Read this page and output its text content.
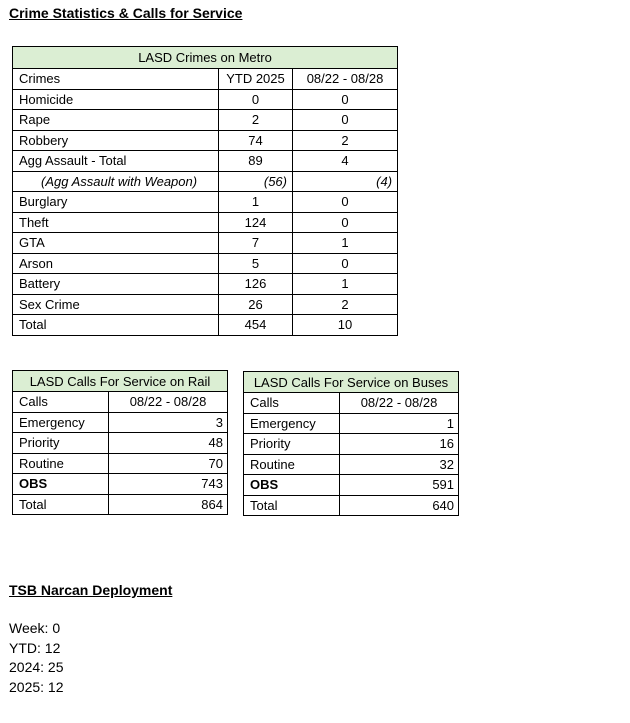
Crime Statistics & Calls for Service
LASD Crimes on Metro		
Crimes	YTD 2025	08/22 - 08/28
Homicide	0	0
Rape	2	0
Robbery	74	2
Agg Assault - Total	89	4
(Agg Assault with Weapon)	(56)	(4)
Burglary	1	0
Theft	124	0
GTA	7	1
Arson	5	0
Battery	126	1
Sex Crime	26	2
Total	454	10
LASD Calls For Service on Rail	
Calls	08/22 - 08/28
Emergency	3
Priority	48
Routine	70
OBS	743
Total	864
LASD Calls For Service on Buses	
Calls	08/22 - 08/28
Emergency	1
Priority	16
Routine	32
OBS	591
Total	640
TSB Narcan Deployment
Week: 0
YTD: 12
2024: 25
2025: 12
